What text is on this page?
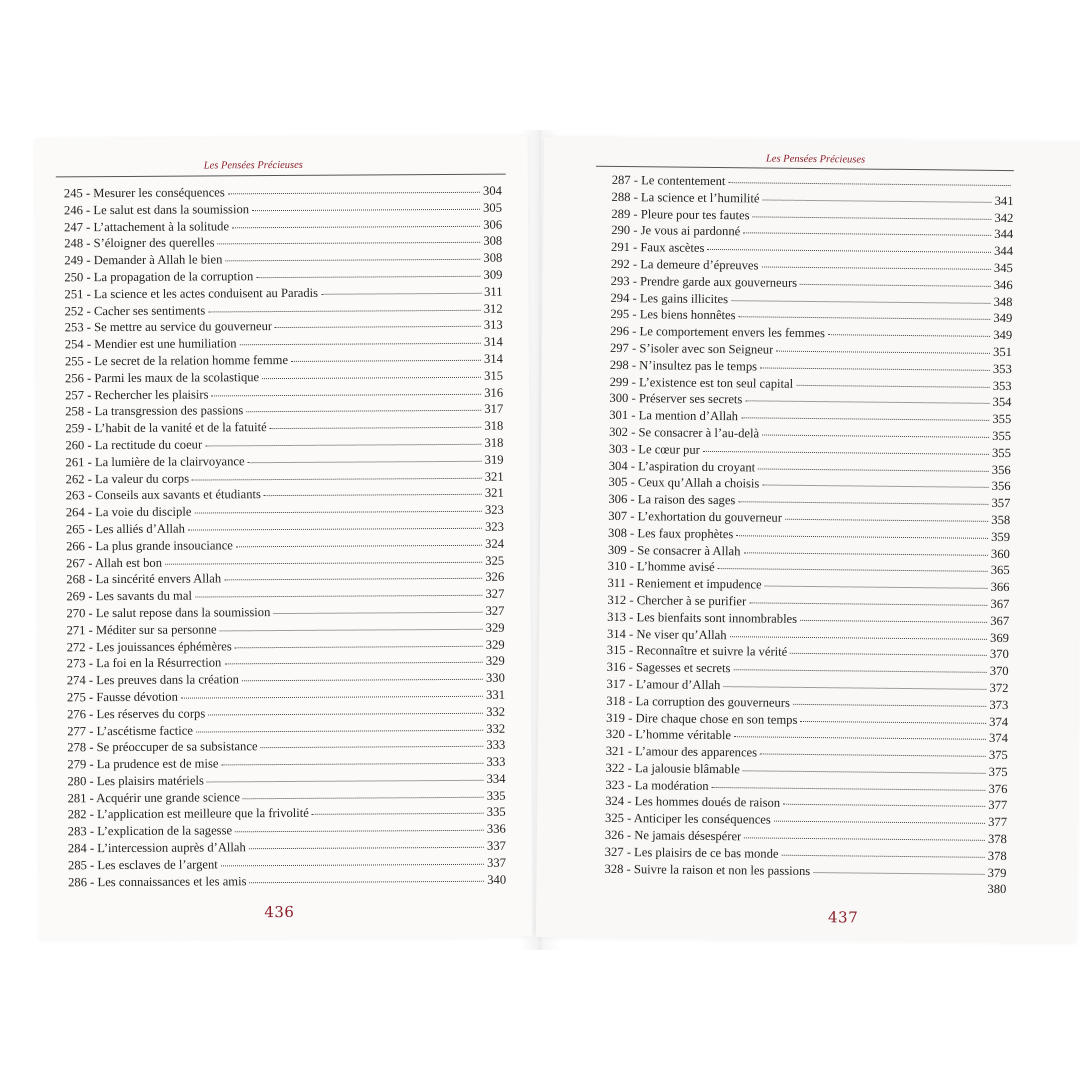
Les Pensées Précieuses
245 - Mesurer les conséquences	304
246 - Le salut est dans la soumission	305
247 - L’attachement à la solitude	306
248 - S’éloigner des querelles	308
249 - Demander à Allah le bien	308
250 - La propagation de la corruption	309
251 - La science et les actes conduisent au Paradis	311
252 - Cacher ses sentiments	312
253 - Se mettre au service du gouverneur	313
254 - Mendier est une humiliation	314
255 - Le secret de la relation homme femme	314
256 - Parmi les maux de la scolastique	315
257 - Rechercher les plaisirs	316
258 - La transgression des passions	317
259 - L’habit de la vanité et de la fatuité	318
260 - La rectitude du coeur	318
261 - La lumière de la clairvoyance	319
262 - La valeur du corps	321
263 - Conseils aux savants et étudiants	321
264 - La voie du disciple	323
265 - Les alliés d’Allah	323
266 - La plus grande insouciance	324
267 - Allah est bon	325
268 - La sincérité envers Allah	326
269 - Les savants du mal	327
270 - Le salut repose dans la soumission	327
271 - Méditer sur sa personne	329
272 - Les jouissances éphémères	329
273 - La foi en la Résurrection	329
274 - Les preuves dans la création	330
275 - Fausse dévotion	331
276 - Les réserves du corps	332
277 - L’ascétisme factice	332
278 - Se préoccuper de sa subsistance	333
279 - La prudence est de mise	333
280 - Les plaisirs matériels	334
281 - Acquérir une grande science	335
282 - L’application est meilleure que la frivolité	335
283 - L’explication de la sagesse	336
284 - L’intercession auprès d’Allah	337
285 - Les esclaves de l’argent	337
286 - Les connaissances et les amis	340
436
Les Pensées Précieuses
287 - Le contentement
288 - La science et l’humilité	341
289 - Pleure pour tes fautes	342
290 - Je vous ai pardonné	344
291 - Faux ascètes	344
292 - La demeure d’épreuves	345
293 - Prendre garde aux gouverneurs	346
294 - Les gains illicites	348
295 - Les biens honnêtes	349
296 - Le comportement envers les femmes	349
297 - S’isoler avec son Seigneur	351
298 - N’insultez pas le temps	353
299 - L’existence est ton seul capital	353
300 - Préserver ses secrets	354
301 - La mention d’Allah	355
302 - Se consacrer à l’au-delà	355
303 - Le cœur pur	355
304 - L’aspiration du croyant	356
305 - Ceux qu’Allah a choisis	356
306 - La raison des sages	357
307 - L’exhortation du gouverneur	358
308 - Les faux prophètes	359
309 - Se consacrer à Allah	360
310 - L’homme avisé	365
311 - Reniement et impudence	366
312 - Chercher à se purifier	367
313 - Les bienfaits sont innombrables	367
314 - Ne viser qu’Allah	369
315 - Reconnaître et suivre la vérité	370
316 - Sagesses et secrets	370
317 - L’amour d’Allah	372
318 - La corruption des gouverneurs	373
319 - Dire chaque chose en son temps	374
320 - L’homme véritable	374
321 - L’amour des apparences	375
322 - La jalousie blâmable	375
323 - La modération	376
324 - Les hommes doués de raison	377
325 - Anticiper les conséquences	377
326 - Ne jamais désespérer	378
327 - Les plaisirs de ce bas monde	378
328 - Suivre la raison et non les passions	379
380
437
